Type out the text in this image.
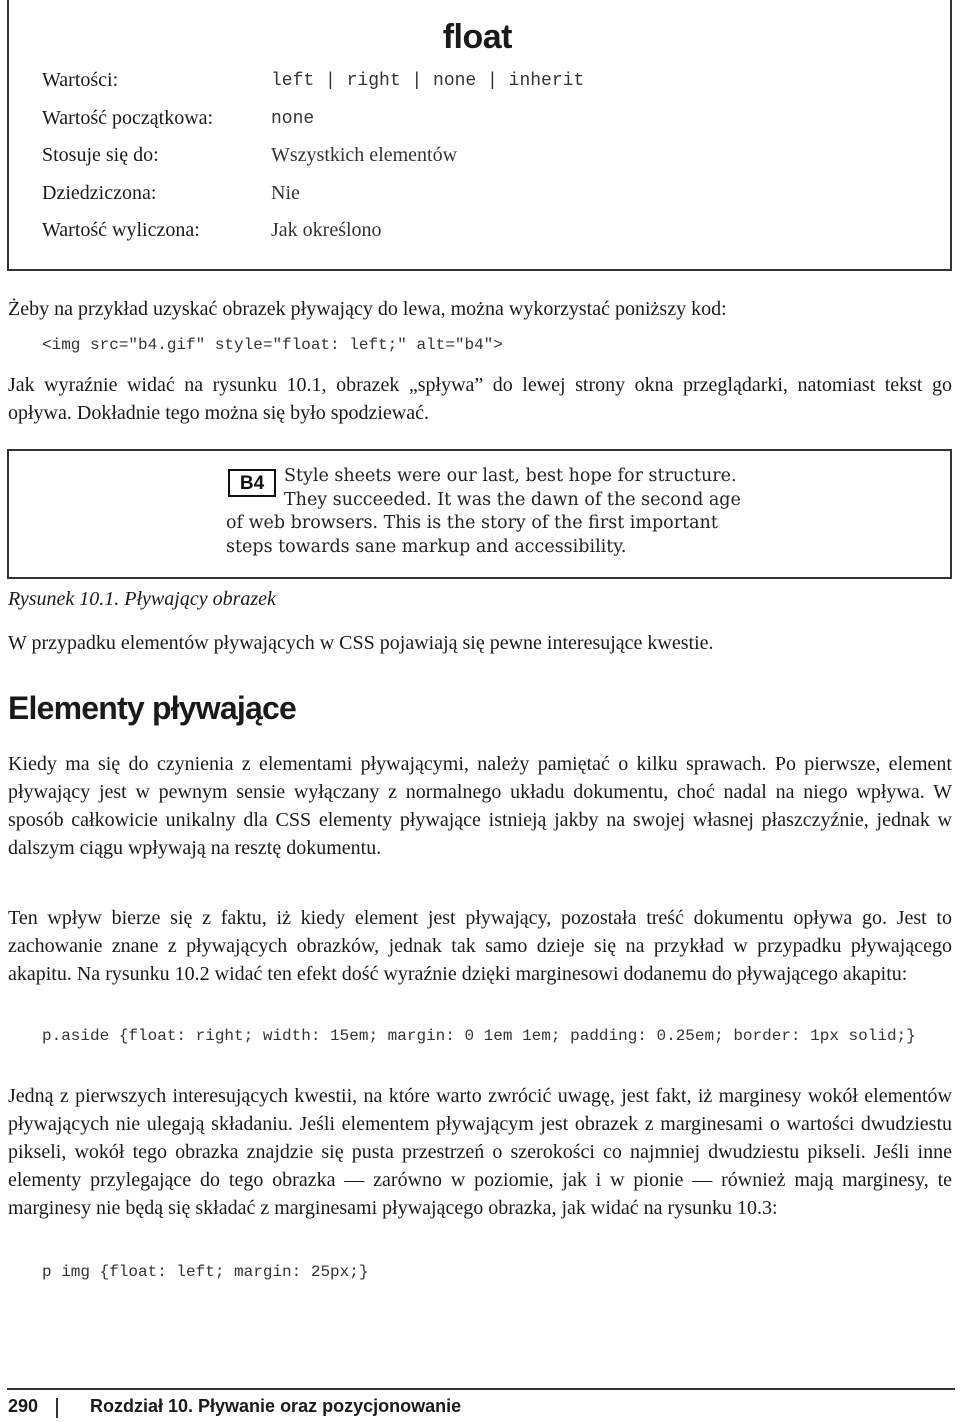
float
Wartości:	left | right | none | inherit
Wartość początkowa:	none
Stosuje się do:	Wszystkich elementów
Dziedziczona:	Nie
Wartość wyliczona:	Jak określono
Żeby na przykład uzyskać obrazek pływający do lewa, można wykorzystać poniższy kod:
<img src="b4.gif" style="float: left;" alt="b4">
Jak wyraźnie widać na rysunku 10.1, obrazek „spływa” do lewej strony okna przeglądarki, natomiast tekst go opływa. Dokładnie tego można się było spodziewać.
B4	Style sheets were our last, best hope for structure. They succeeded. It was the dawn of the second age of web browsers. This is the story of the first important steps towards sane markup and accessibility.
Rysunek 10.1. Pływający obrazek
W przypadku elementów pływających w CSS pojawiają się pewne interesujące kwestie.
Elementy pływające
Kiedy ma się do czynienia z elementami pływającymi, należy pamiętać o kilku sprawach. Po pierwsze, element pływający jest w pewnym sensie wyłączany z normalnego układu dokumentu, choć nadal na niego wpływa. W sposób całkowicie unikalny dla CSS elementy pływające istnieją jakby na swojej własnej płaszczyźnie, jednak w dalszym ciągu wpływają na resztę dokumentu.
Ten wpływ bierze się z faktu, iż kiedy element jest pływający, pozostała treść dokumentu opływa go. Jest to zachowanie znane z pływających obrazków, jednak tak samo dzieje się na przykład w przypadku pływającego akapitu. Na rysunku 10.2 widać ten efekt dość wyraźnie dzięki marginesowi dodanemu do pływającego akapitu:
p.aside {float: right; width: 15em; margin: 0 1em 1em; padding: 0.25em; border: 1px solid;}
Jedną z pierwszych interesujących kwestii, na które warto zwrócić uwagę, jest fakt, iż marginesy wokół elementów pływających nie ulegają składaniu. Jeśli elementem pływającym jest obrazek z marginesami o wartości dwudziestu pikseli, wokół tego obrazka znajdzie się pusta przestrzeń o szerokości co najmniej dwudziestu pikseli. Jeśli inne elementy przylegające do tego obrazka — zarówno w poziomie, jak i w pionie — również mają marginesy, te marginesy nie będą się składać z marginesami pływającego obrazka, jak widać na rysunku 10.3:
p img {float: left; margin: 25px;}
290	Rozdział 10. Pływanie oraz pozycjonowanie
